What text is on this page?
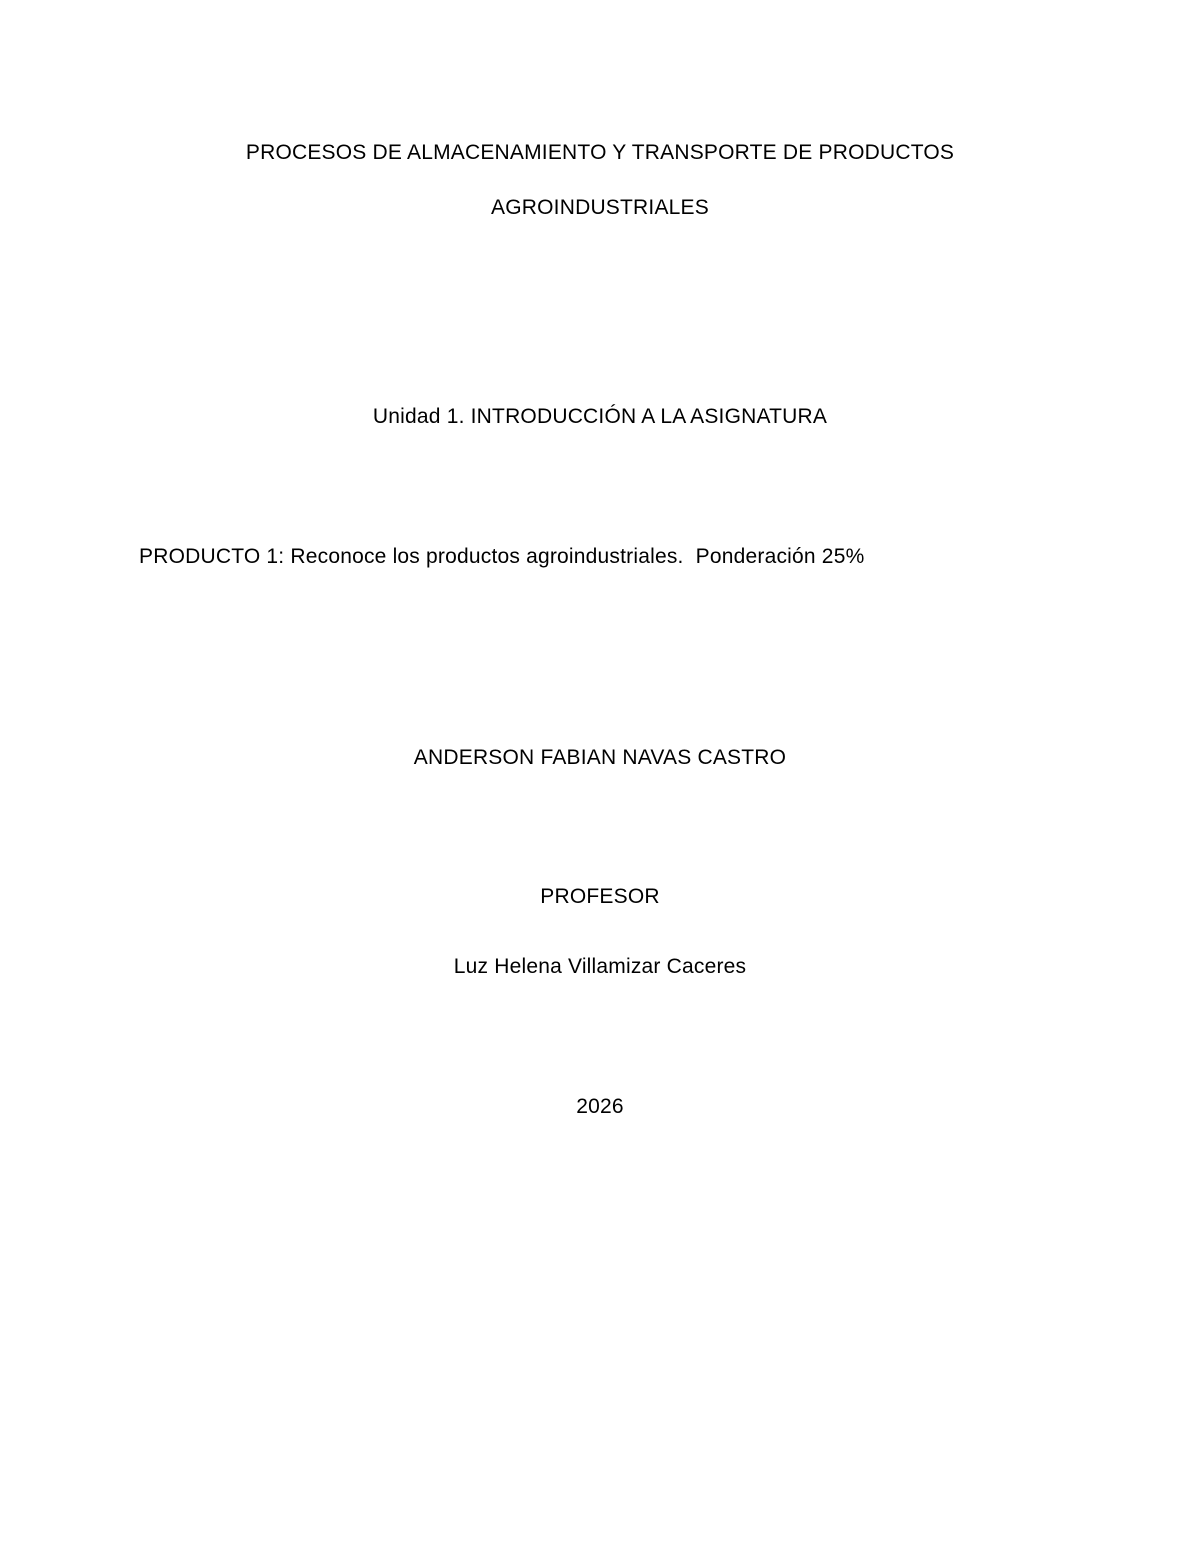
PROCESOS DE ALMACENAMIENTO Y TRANSPORTE DE PRODUCTOS
AGROINDUSTRIALES
Unidad 1. INTRODUCCIÓN A LA ASIGNATURA
PRODUCTO 1: Reconoce los productos agroindustriales.  Ponderación 25%
ANDERSON FABIAN NAVAS CASTRO
PROFESOR
Luz Helena Villamizar Caceres
2026
